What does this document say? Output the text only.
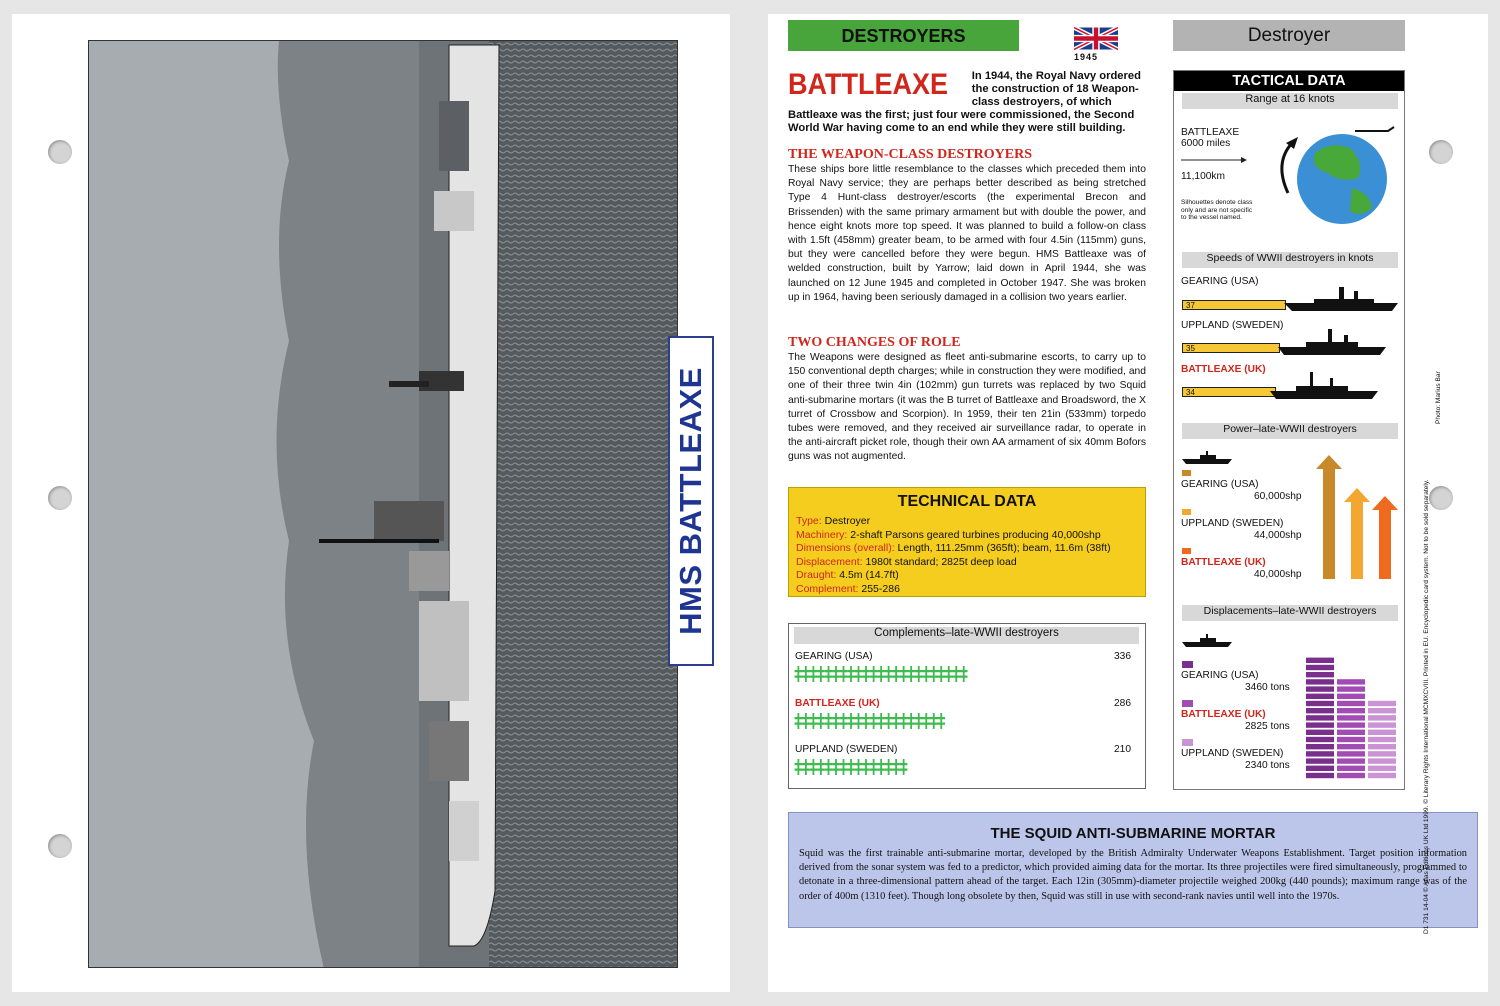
HMS BATTLEAXE
DESTROYERS
1945
Destroyer
BATTLEAXE In 1944, the Royal Navy ordered the construction of 18 Weapon-class destroyers, of which Battleaxe was the first; just four were commissioned, the Second World War having come to an end while they were still building.
THE WEAPON-CLASS DESTROYERS
These ships bore little resemblance to the classes which preceded them into Royal Navy service; they are perhaps better described as being stretched Type 4 Hunt-class destroyer/escorts (the experimental Brecon and Brissenden) with the same primary armament but with double the power, and hence eight knots more top speed. It was planned to build a follow-on class with 1.5ft (458mm) greater beam, to be armed with four 4.5in (115mm) guns, but they were cancelled before they were begun. HMS Battleaxe was of welded construction, built by Yarrow; laid down in April 1944, she was launched on 12 June 1945 and completed in October 1947. She was broken up in 1964, having been seriously damaged in a collision two years earlier.
TWO CHANGES OF ROLE
The Weapons were designed as fleet anti-submarine escorts, to carry up to 150 conventional depth charges; while in construction they were modified, and one of their three twin 4in (102mm) gun turrets was replaced by two Squid anti-submarine mortars (it was the B turret of Battleaxe and Broadsword, the X turret of Crossbow and Scorpion). In 1959, their ten 21in (533mm) torpedo tubes were removed, and they received air surveillance radar, to operate in the anti-aircraft picket role, though their own AA armament of six 40mm Bofors guns was not augmented.
TECHNICAL DATA
Type: Destroyer
Machinery: 2-shaft Parsons geared turbines producing 40,000shp
Dimensions (overall): Length, 111.25mm (365ft); beam, 11.6m (38ft)
Displacement: 1980t standard; 2825t deep load
Draught: 4.5m (14.7ft)
Complement: 255-286
Complements–late-WWII destroyers
GEARING (USA)	336
ǂǂǂǂǂǂǂǂǂǂǂǂǂǂǂǂǂǂǂǂǂǂǂ
BATTLEAXE (UK)	286
ǂǂǂǂǂǂǂǂǂǂǂǂǂǂǂǂǂǂǂǂ
UPPLAND (SWEDEN)	210
ǂǂǂǂǂǂǂǂǂǂǂǂǂǂǂ
TACTICAL DATA
Range at 16 knots
BATTLEAXE
6000 miles
11,100km
Silhouettes denote class only and are not specific to the vessel named.
Speeds of WWII destroyers in knots
GEARING (USA)
37
UPPLAND (SWEDEN)
35
BATTLEAXE (UK)
34
Power–late-WWII destroyers
GEARING (USA)
60,000shp
UPPLAND (SWEDEN)
44,000shp
BATTLEAXE (UK)
40,000shp
Displacements–late-WWII destroyers
GEARING (USA)
3460 tons
BATTLEAXE (UK)
2825 tons
UPPLAND (SWEDEN)
2340 tons
THE SQUID ANTI-SUBMARINE MORTAR

Squid was the first trainable anti-submarine mortar, developed by the British Admiralty Underwater Weapons Establishment. Target position information derived from the sonar system was fed to a predictor, which provided aiming data for the mortar. Its three projectiles were fired simultaneously, programmed to detonate in a three-dimensional pattern ahead of the target. Each 12in (305mm)-diameter projectile weighed 200kg (440 pounds); maximum range was of the order of 400m (1310 feet). Though long obsolete by then, Squid was still in use with second-rank navies until well into the 1970s.	D1 731 14-04 © Atlas Editions UK Ltd 1999. © Literary Rights International MCMXCVIII. Printed in EU. Encyclopedic card system. Not to be sold separately.
Photo: Marius Bar
